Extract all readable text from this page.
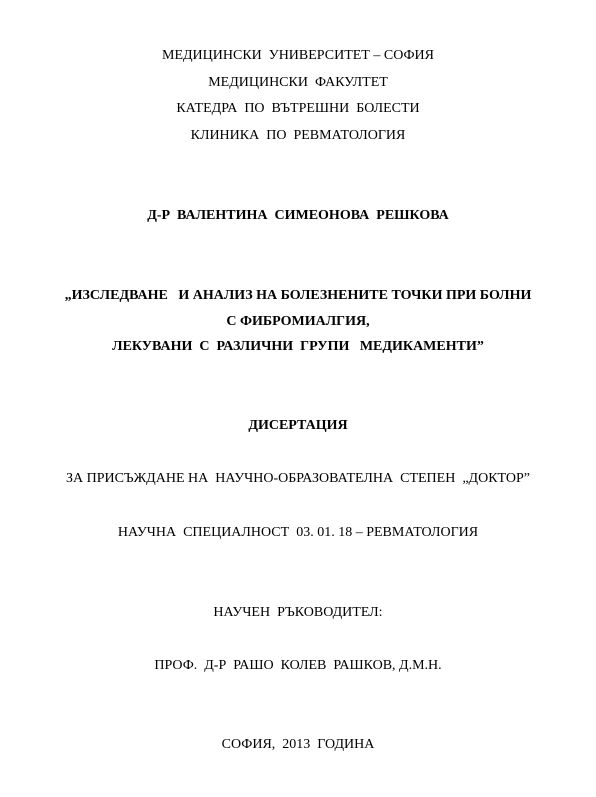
МЕДИЦИНСКИ  УНИВЕРСИТЕТ – СОФИЯ
МЕДИЦИНСКИ  ФАКУЛТЕТ
КАТЕДРА  ПО  ВЪТРЕШНИ  БОЛЕСТИ
КЛИНИКА  ПО  РЕВМАТОЛОГИЯ
Д-Р  ВАЛЕНТИНА  СИМЕОНОВА  РЕШКОВА
„ИЗСЛЕДВАНЕ   И АНАЛИЗ НА БОЛЕЗНЕНИТЕ ТОЧКИ ПРИ БОЛНИ
С ФИБРОМИАЛГИЯ,
ЛЕКУВАНИ  С  РАЗЛИЧНИ  ГРУПИ   МЕДИКАМЕНТИ”
ДИСЕРТАЦИЯ
ЗА ПРИСЪЖДАНЕ НА  НАУЧНО-ОБРАЗОВАТЕЛНА  СТЕПЕН  „ДОКТОР”
НАУЧНА  СПЕЦИАЛНОСТ  03. 01. 18 – РЕВМАТОЛОГИЯ
НАУЧЕН  РЪКОВОДИТЕЛ:
ПРОФ.  Д-Р  РАШО  КОЛЕВ  РАШКОВ, Д.М.Н.
СОФИЯ,  2013  ГОДИНА
